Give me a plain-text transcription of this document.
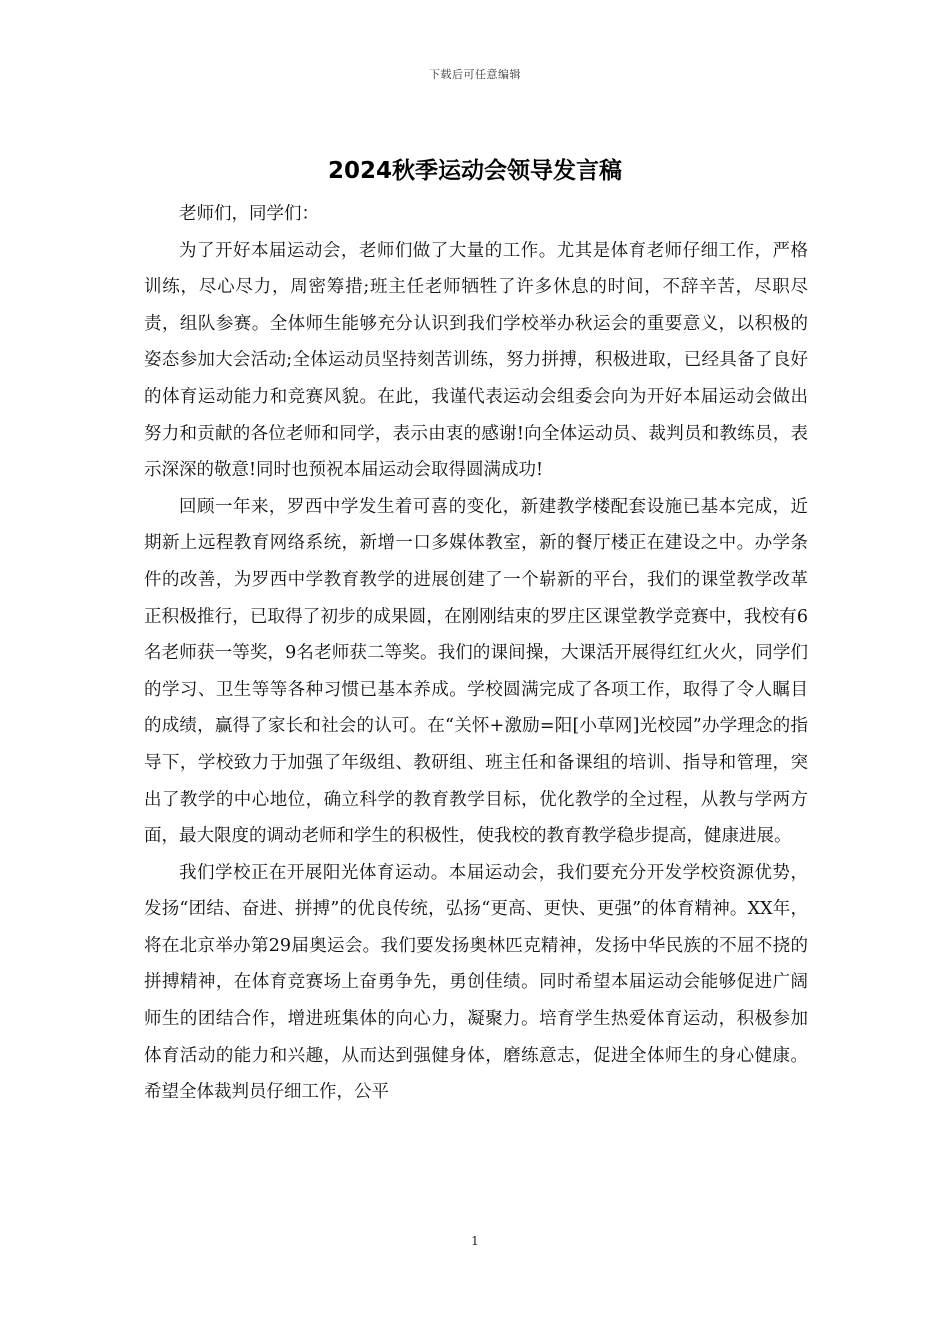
下载后可任意编辑
2024秋季运动会领导发言稿

老师们，同学们：

为了开好本届运动会，老师们做了大量的工作。尤其是体育老师仔细工作，严格训练，尽心尽力，周密筹措;班主任老师牺牲了许多休息的时间，不辞辛苦，尽职尽责，组队参赛。全体师生能够充分认识到我们学校举办秋运会的重要意义，以积极的姿态参加大会活动;全体运动员坚持刻苦训练，努力拼搏，积极进取，已经具备了良好的体育运动能力和竞赛风貌。在此，我谨代表运动会组委会向为开好本届运动会做出努力和贡献的各位老师和同学，表示由衷的感谢!向全体运动员、裁判员和教练员，表示深深的敬意!同时也预祝本届运动会取得圆满成功!

回顾一年来，罗西中学发生着可喜的变化，新建教学楼配套设施已基本完成，近期新上远程教育网络系统，新增一口多媒体教室，新的餐厅楼正在建设之中。办学条件的改善，为罗西中学教育教学的进展创建了一个崭新的平台，我们的课堂教学改革正积极推行，已取得了初步的成果圆，在刚刚结束的罗庄区课堂教学竞赛中，我校有6名老师获一等奖，9名老师获二等奖。我们的课间操，大课活开展得红红火火，同学们的学习、卫生等等各种习惯已基本养成。学校圆满完成了各项工作，取得了令人瞩目的成绩，赢得了家长和社会的认可。在“关怀+激励=阳[小草网]光校园”办学理念的指导下，学校致力于加强了年级组、教研组、班主任和备课组的培训、指导和管理，突出了教学的中心地位，确立科学的教育教学目标，优化教学的全过程，从教与学两方面，最大限度的调动老师和学生的积极性，使我校的教育教学稳步提高，健康进展。

我们学校正在开展阳光体育运动。本届运动会，我们要充分开发学校资源优势，发扬“团结、奋进、拼搏”的优良传统，弘扬“更高、更快、更强”的体育精神。XX年，将在北京举办第29届奥运会。我们要发扬奥林匹克精神，发扬中华民族的不屈不挠的拼搏精神，在体育竞赛场上奋勇争先，勇创佳绩。同时希望本届运动会能够促进广阔师生的团结合作，增进班集体的向心力，凝聚力。培育学生热爱体育运动，积极参加体育活动的能力和兴趣，从而达到强健身体，磨练意志，促进全体师生的身心健康。希望全体裁判员仔细工作，公平

1
